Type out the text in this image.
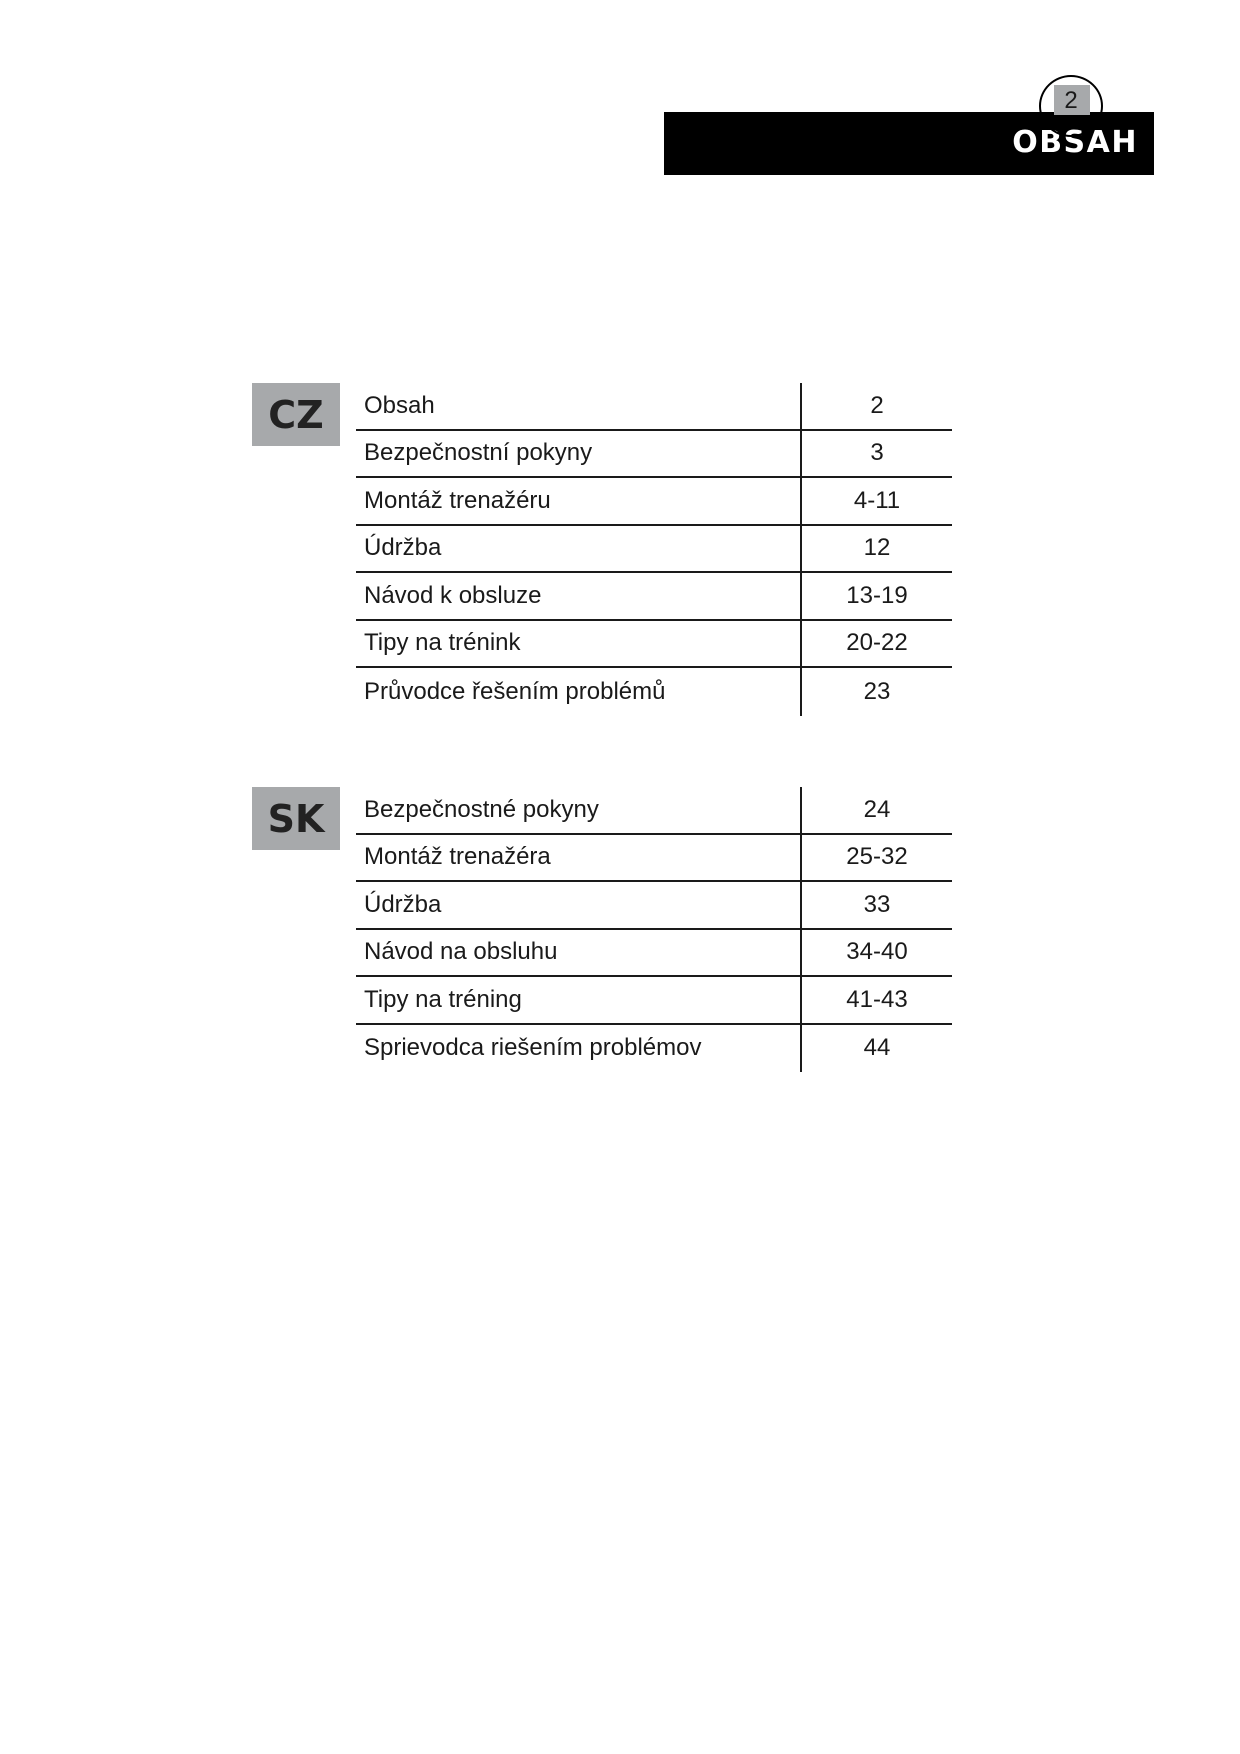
OBSAH
2
CZ	Obsah	2
Bezpečnostní pokyny	3
Montáž trenažéru	4-11
Údržba	12
Návod k obsluze	13-19
Tipy na trénink	20-22
Průvodce řešením problémů	23
SK	Bezpečnostné pokyny	24
Montáž trenažéra	25-32
Údržba	33
Návod na obsluhu	34-40
Tipy na tréning	41-43
Sprievodca riešením problémov	44
